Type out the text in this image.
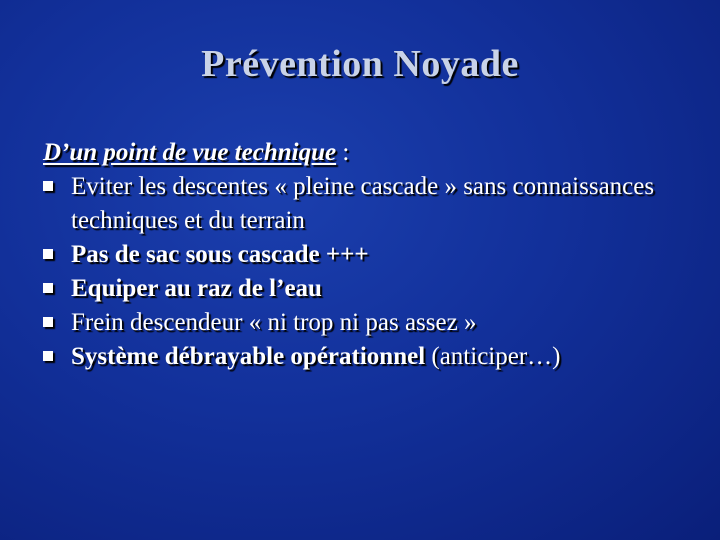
Prévention Noyade

D’un point de vue technique :

Eviter les descentes « pleine cascade » sans connaissances techniques et du terrain
Pas de sac sous cascade +++
Equiper au raz de l’eau
Frein descendeur « ni trop ni pas assez »
Système débrayable opérationnel (anticiper…)
